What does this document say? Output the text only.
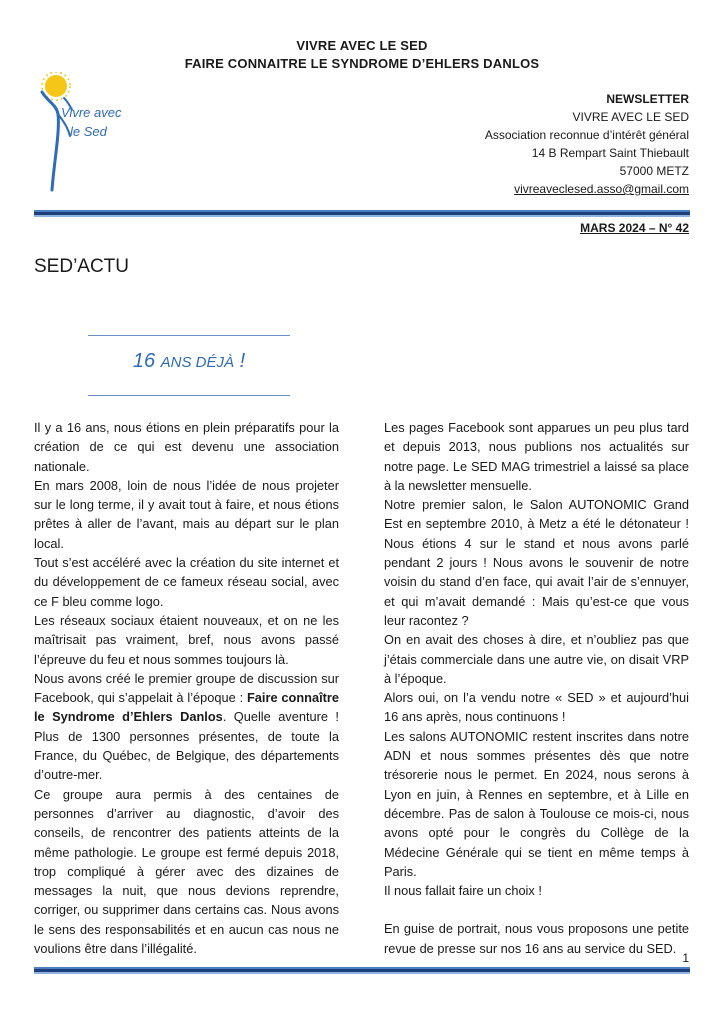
VIVRE AVEC LE SED
FAIRE CONNAITRE LE SYNDROME D’EHLERS DANLOS
Vivre avec
le Sed
NEWSLETTER
VIVRE AVEC LE SED
Association reconnue d’intérêt général
14 B Rempart Saint Thiebault
57000 METZ
vivreaveclesed.asso@gmail.com
MARS 2024 – N° 42
SED’ACTU
16 ANS DÉJÀ !

Il y a 16 ans, nous étions en plein préparatifs pour la création de ce qui est devenu une association nationale.

En mars 2008, loin de nous l’idée de nous projeter sur le long terme, il y avait tout à faire, et nous étions prêtes à aller de l’avant, mais au départ sur le plan local.

Tout s’est accéléré avec la création du site internet et du développement de ce fameux réseau social, avec ce F bleu comme logo.

Les réseaux sociaux étaient nouveaux, et on ne les maîtrisait pas vraiment, bref, nous avons passé l’épreuve du feu et nous sommes toujours là.

Nous avons créé le premier groupe de discussion sur Facebook, qui s’appelait à l’époque : Faire connaître le Syndrome d’Ehlers Danlos. Quelle aventure ! Plus de 1300 personnes présentes, de toute la France, du Québec, de Belgique, des départements d’outre-mer.

Ce groupe aura permis à des centaines de personnes d’arriver au diagnostic, d’avoir des conseils, de rencontrer des patients atteints de la même pathologie. Le groupe est fermé depuis 2018, trop compliqué à gérer avec des dizaines de messages la nuit, que nous devions reprendre, corriger, ou supprimer dans certains cas. Nous avons le sens des responsabilités et en aucun cas nous ne voulions être dans l’illégalité.

Les pages Facebook sont apparues un peu plus tard et depuis 2013, nous publions nos actualités sur notre page. Le SED MAG trimestriel a laissé sa place à la newsletter mensuelle.

Notre premier salon, le Salon AUTONOMIC Grand Est en septembre 2010, à Metz a été le détonateur ! Nous étions 4 sur le stand et nous avons parlé pendant 2 jours ! Nous avons le souvenir de notre voisin du stand d’en face, qui avait l’air de s’ennuyer, et qui m’avait demandé : Mais qu’est-ce que vous leur racontez ?

On en avait des choses à dire, et n’oubliez pas que j’étais commerciale dans une autre vie, on disait VRP à l’époque.

Alors oui, on l’a vendu notre « SED » et aujourd’hui 16 ans après, nous continuons !

Les salons AUTONOMIC restent inscrites dans notre ADN et nous sommes présentes dès que notre trésorerie nous le permet. En 2024, nous serons à Lyon en juin, à Rennes en septembre, et à Lille en décembre. Pas de salon à Toulouse ce mois-ci, nous avons opté pour le congrès du Collège de la Médecine Générale qui se tient en même temps à Paris.

Il nous fallait faire un choix !

En guise de portrait, nous vous proposons une petite revue de presse sur nos 16 ans au service du SED.

1
